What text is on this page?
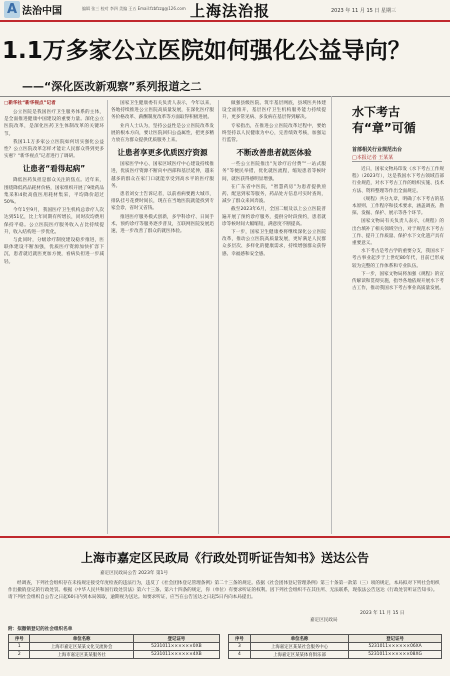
A 法治中国	编辑 张三 校对 李四 美编 王五 Email:fzbfzzg@126.com 上海法治报	2023 年 11 月 15 日 星期三
1.1万多家公立医院如何强化公益导向？
——“深化医改新观察”系列报道之二
□新华社“新华视点”记者

公立医院是我国医疗卫生服务体系的主体，是全面推进健康中国建设的重要力量。深化公立医院改革，是深化医药卫生体制改革的关键环节。

我国1.1万多家公立医院如何切实强化公益性？公立医院改革怎样才能让人民群众得到更多实惠？“新华视点”记者进行了调研。

让患者“看得起病”

降低医药负担是群众关注的焦点。近年来，围绕降低药品耗材价格，国家组织开展了9批药品集采和4批高值医用耗材集采，平均降价超过50%。

今年1至9月，我国医疗卫生机构总诊疗人次达到51亿，比上年同期有所增长，同时次均费用保持平稳。公立医院医疗服务收入占比持续提升，收入结构进一步优化。

与此同时，分级诊疗制度建设稳步推进，医联体建设不断加强，优质医疗资源加快扩容下沉，患者就近就医更加方便，看病负担进一步减轻。

国家卫生健康委有关负责人表示，今年以来，各地持续推进公立医院高质量发展，在深化医疗服务价格改革、薪酬制度改革等方面取得积极进展。

业内人士认为，坚持公益性是公立医院改革发展的根本方向，要让医院回归公益属性，把更多精力放在为群众提供优质服务上来。

让患者享更多优质医疗资源

国家医学中心、国家区域医疗中心建设持续推进，优质医疗资源不断向中西部和基层延伸，越来越多的群众在家门口就能享受到高水平的医疗服务。

患者刘女士告诉记者，以前看病要跑大城市，排队挂号花费时间长，现在在当地医院就能找到专家会诊，省时又省钱。

推进医疗服务模式创新，多学科诊疗、日间手术、预约诊疗等服务逐步普及，互联网医院发展迅速，进一步改善了群众的就医体验。

做强县级医院、筑牢基层网底，县域医共体建设全面推开，基层医疗卫生机构服务能力持续提升，更多常见病、多发病在基层得到解决。

专家指出，在推进公立医院改革过程中，要始终坚持以人民健康为中心，完善绩效考核，加强运行监管。

不断改善患者就医体验

一些公立医院推出“先诊疗后付费”“一站式服务”等便民举措，优化就医流程，缩短患者等候时间，就医获得感明显增强。

在广东省中医院，“智慧药房”为患者提供煎药、配送到家等服务，药品处方信息可实时查询，减少了群众来回奔波。

截至2023年6月，全国二级及以上公立医院普遍开展了预约诊疗服务，提供分时段预约，患者就诊等候时间大幅缩短，满意度不断提高。

下一步，国家卫生健康委将继续深化公立医院改革，推动公立医院高质量发展，更好满足人民群众多层次、多样化的健康需求，持续增强群众获得感、幸福感和安全感。

水下考古
有“章”可循
首部相关行业规范出台
□本报记者 王某某

近日，国家文物局印发《水下考古工作规程》（2023年），这是我国水下考古领域首部行业规范，对水下考古工作的组织实施、技术方法、资料整理等作出全面规定。

《规程》共分九章，明确了水下考古的基本原则、工作程序和技术要求，涵盖调查、勘探、发掘、保护、展示等各个环节。

国家文物局有关负责人表示，《规程》的出台填补了相关领域空白，对于规范水下考古工作、提升工作质量、保护水下文化遗产具有重要意义。

水下考古是考古学的重要分支，我国水下考古事业起步于上世纪80年代，目前已形成较为完整的工作体系和专业队伍。

下一步，国家文物局将加强《规程》的宣传解读和贯彻实施，指导各地依规开展水下考古工作，推动我国水下考古事业高质量发展。

上海市嘉定区民政局《行政处罚听证告知书》送达公告
嘉定区民政局公告 2023年 第1号

经调查，下列社会组织存在未按规定接受年度检查的违法行为，违反了《社会团体登记管理条例》第二十三条的规定。依据《社会团体登记管理条例》第三十条第一款第（三）项的规定，本局拟对下列社会组织作出撤销登记的行政处罚。根据《中华人民共和国行政处罚法》第六十三条、第六十四条的规定，你（单位）有要求听证的权利。因下列社会组织不在其住所、无法联系，现依法公告送达《行政处罚听证告知书》。请下列社会组织自公告之日起60日内到本局领取，逾期视为送达。如要求听证，应当在公告送达之日起5日内向本局提出。

嘉定区民政局
2023 年 11 月 15 日
附：拟撤销登记的社会组织名单
序号	单位名称	登记证号
1	上海市嘉定区某某文化交流协会	5231011××××××0XB
2	上海市嘉定区某某服务社	5231011××××××4XB
序号	单位名称	登记证号
3	上海嘉定区某某社会服务中心	5231011××××××06XA
4	上海嘉定区某某体育俱乐部	5231011××××××08XG
